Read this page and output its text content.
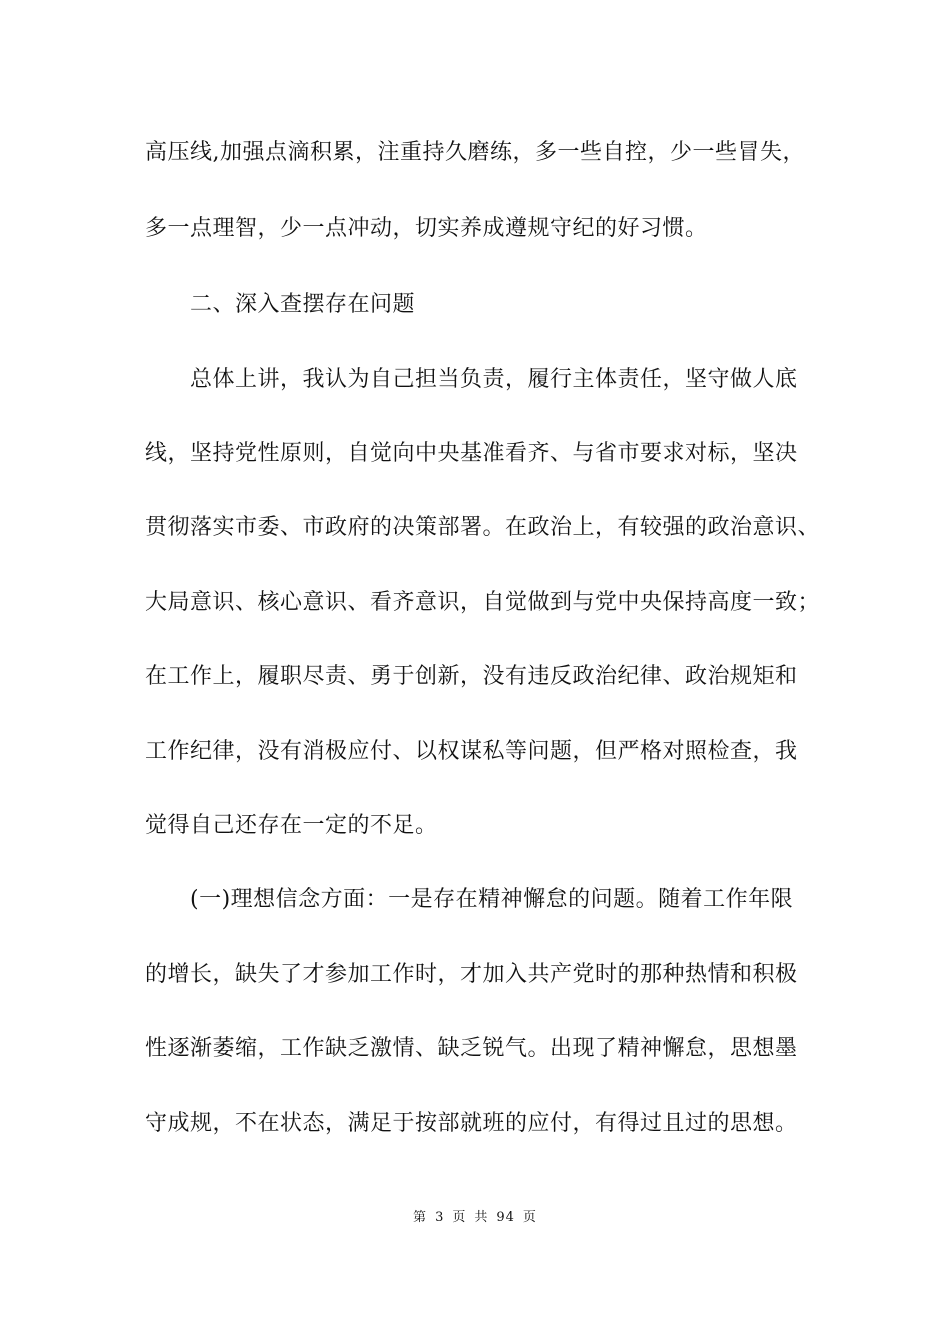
高压线,加强点滴积累，注重持久磨练，多一些自控，少一些冒失，
多一点理智，少一点冲动，切实养成遵规守纪的好习惯。
　　二、深入查摆存在问题
　　总体上讲，我认为自己担当负责，履行主体责任，坚守做人底
线，坚持党性原则，自觉向中央基准看齐、与省市要求对标，坚决
贯彻落实市委、市政府的决策部署。在政治上，有较强的政治意识、
大局意识、核心意识、看齐意识，自觉做到与党中央保持高度一致；
在工作上，履职尽责、勇于创新，没有违反政治纪律、政治规矩和
工作纪律，没有消极应付、以权谋私等问题，但严格对照检查，我
觉得自己还存在一定的不足。
　　(一)理想信念方面：一是存在精神懈怠的问题。随着工作年限
的增长，缺失了才参加工作时，才加入共产党时的那种热情和积极
性逐渐萎缩，工作缺乏激情、缺乏锐气。出现了精神懈怠，思想墨
守成规，不在状态，满足于按部就班的应付，有得过且过的思想。
第 3 页 共 94 页
